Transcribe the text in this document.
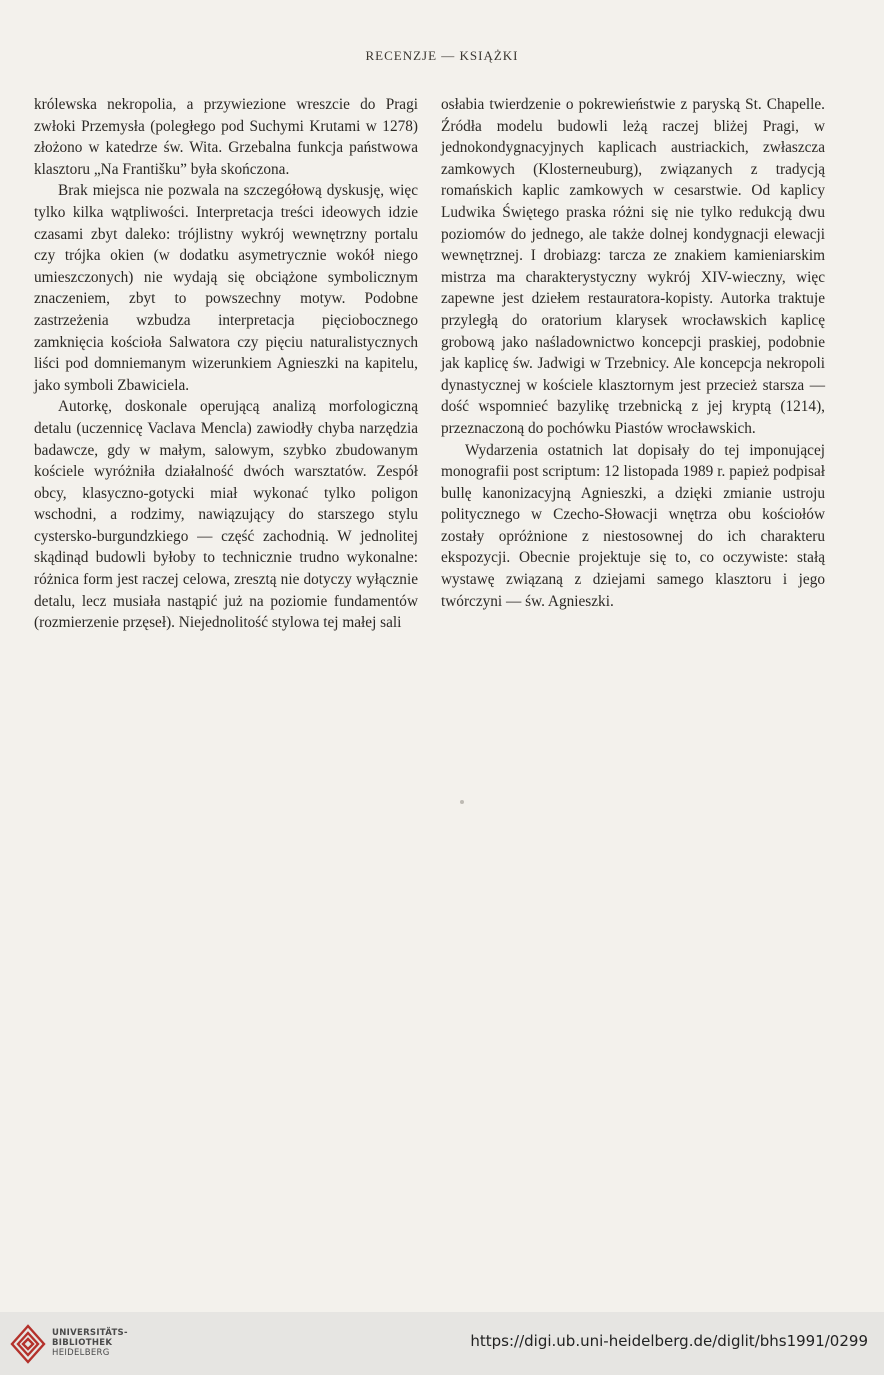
RECENZJE — KSIĄŻKI

królewska nekropolia, a przywiezione wreszcie do Pragi zwłoki Przemysła (poległego pod Suchymi Krutami w 1278) złożono w katedrze św. Wita. Grzebalna funkcja państwowa klasztoru „Na Františku” była skończona.

Brak miejsca nie pozwala na szczegółową dyskusję, więc tylko kilka wątpliwości. Interpretacja treści ideowych idzie czasami zbyt daleko: trójlistny wykrój wewnętrzny portalu czy trójka okien (w dodatku asymetrycznie wokół niego umieszczonych) nie wydają się obciążone symbolicznym znaczeniem, zbyt to powszechny motyw. Podobne zastrzeżenia wzbudza interpretacja pięciobocznego zamknięcia kościoła Salwatora czy pięciu naturalistycznych liści pod domniemanym wizerunkiem Agnieszki na kapitelu, jako symboli Zbawiciela.

Autorkę, doskonale operującą analizą morfologiczną detalu (uczennicę Vaclava Mencla) zawiodły chyba narzędzia badawcze, gdy w małym, salowym, szybko zbudowanym kościele wyróżniła działalność dwóch warsztatów. Zespół obcy, klasyczno-gotycki miał wykonać tylko poligon wschodni, a rodzimy, nawiązujący do starszego stylu cystersko-burgundzkiego — część zachodnią. W jednolitej skądinąd budowli byłoby to technicznie trudno wykonalne: różnica form jest raczej celowa, zresztą nie dotyczy wyłącznie detalu, lecz musiała nastąpić już na poziomie fundamentów (rozmierzenie przęseł). Niejednolitość stylowa tej małej sali

osłabia twierdzenie o pokrewieństwie z paryską St. Chapelle. Źródła modelu budowli leżą raczej bliżej Pragi, w jednokondygnacyjnych kaplicach austriackich, zwłaszcza zamkowych (Klosterneuburg), związanych z tradycją romańskich kaplic zamkowych w cesarstwie. Od kaplicy Ludwika Świętego praska różni się nie tylko redukcją dwu poziomów do jednego, ale także dolnej kondygnacji elewacji wewnętrznej. I drobiazg: tarcza ze znakiem kamieniarskim mistrza ma charakterystyczny wykrój XIV-wieczny, więc zapewne jest dziełem restauratora-kopisty. Autorka traktuje przyległą do oratorium klarysek wrocławskich kaplicę grobową jako naśladownictwo koncepcji praskiej, podobnie jak kaplicę św. Jadwigi w Trzebnicy. Ale koncepcja nekropoli dynastycznej w kościele klasztornym jest przecież starsza — dość wspomnieć bazylikę trzebnicką z jej kryptą (1214), przeznaczoną do pochówku Piastów wrocławskich.

Wydarzenia ostatnich lat dopisały do tej imponującej monografii post scriptum: 12 listopada 1989 r. papież podpisał bullę kanonizacyjną Agnieszki, a dzięki zmianie ustroju politycznego w Czecho-Słowacji wnętrza obu kościołów zostały opróżnione z niestosownej do ich charakteru ekspozycji. Obecnie projektuje się to, co oczywiste: stałą wystawę związaną z dziejami samego klasztoru i jego twórczyni — św. Agnieszki.

UNIVERSITÄTS-
BIBLIOTHEK
HEIDELBERG
https://digi.ub.uni-heidelberg.de/diglit/bhs1991/0299
